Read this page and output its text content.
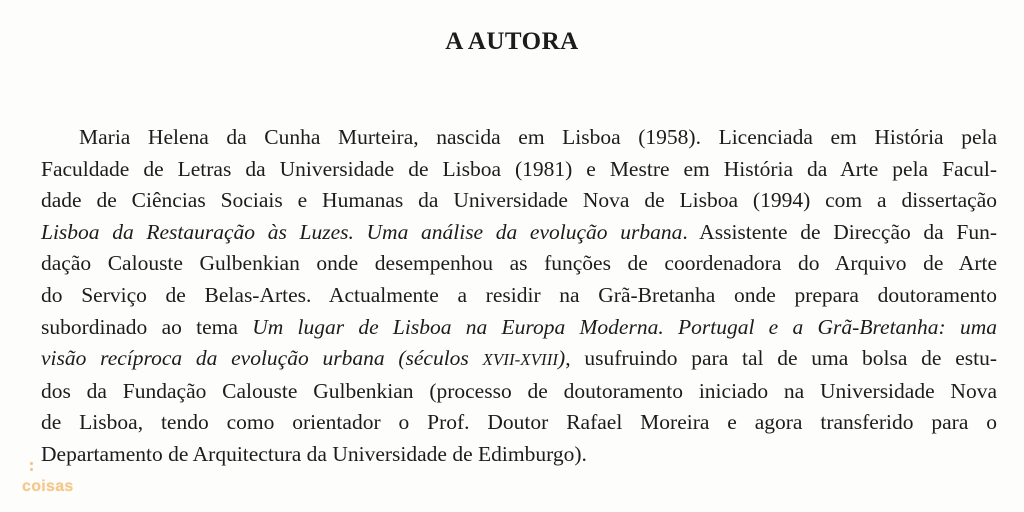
A AUTORA
Maria Helena da Cunha Murteira, nascida em Lisboa (1958). Licenciada em História pela
Faculdade de Letras da Universidade de Lisboa (1981) e Mestre em História da Arte pela Facul-
dade de Ciências Sociais e Humanas da Universidade Nova de Lisboa (1994) com a dissertação
Lisboa da Restauração às Luzes. Uma análise da evolução urbana. Assistente de Direcção da Fun-
dação Calouste Gulbenkian onde desempenhou as funções de coordenadora do Arquivo de Arte
do Serviço de Belas-Artes. Actualmente a residir na Grã-Bretanha onde prepara doutoramento
subordinado ao tema Um lugar de Lisboa na Europa Moderna. Portugal e a Grã-Bretanha: uma
visão recíproca da evolução urbana (séculos XVII-XVIII), usufruindo para tal de uma bolsa de estu-
dos da Fundação Calouste Gulbenkian (processo de doutoramento iniciado na Universidade Nova
de Lisboa, tendo como orientador o Prof. Doutor Rafael Moreira e agora transferido para o
Departamento de Arquitectura da Universidade de Edimburgo).
coisas
